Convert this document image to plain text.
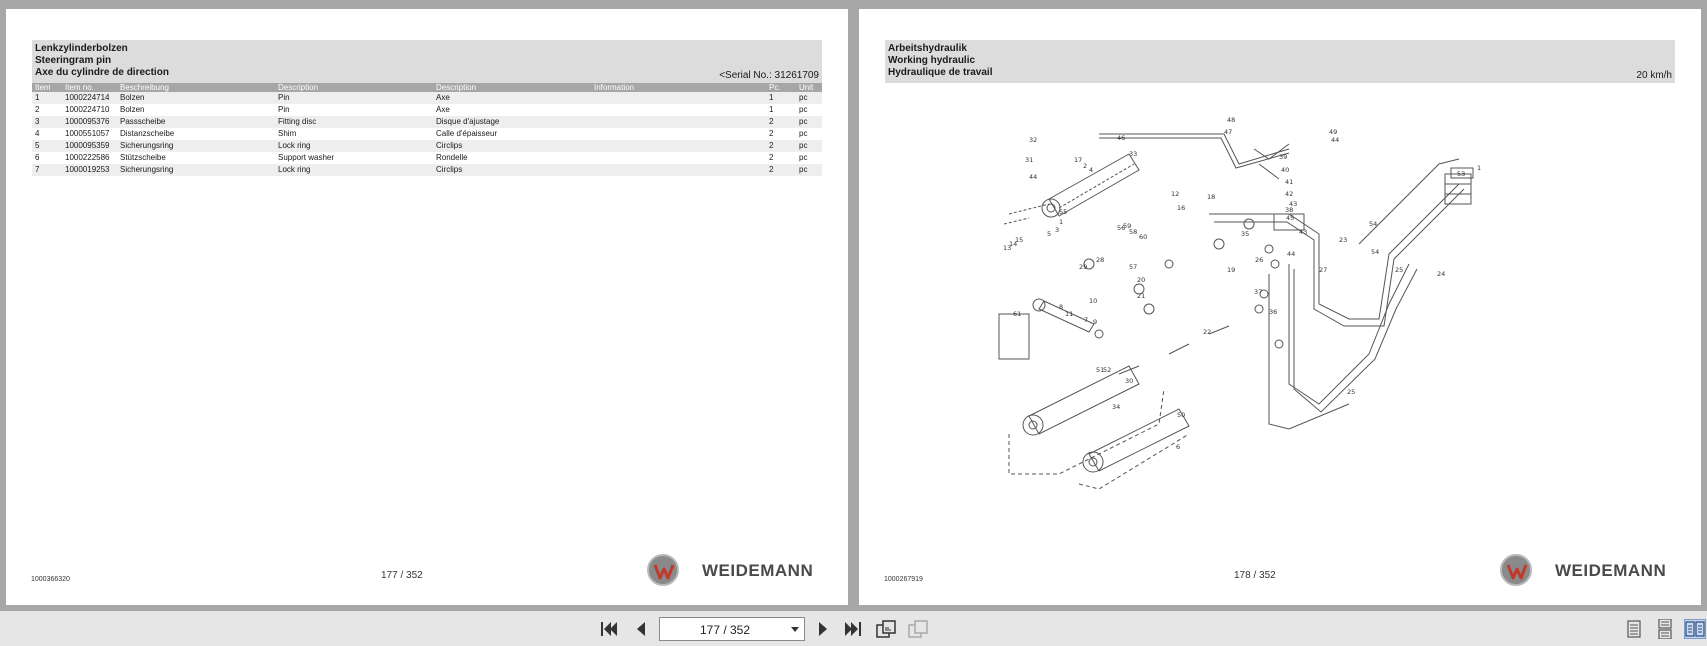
Lenkzylinderbolzen
Steeringram pin
Axe du cylindre de direction	<Serial No.: 31261709
Item	Item no.	Beschreibung	Description	Description	Information	Pc.	Unit
1	1000224714	Bolzen	Pin	Axe		1	pc
2	1000224710	Bolzen	Pin	Axe		1	pc
3	1000095376	Passscheibe	Fitting disc	Disque d'ajustage		2	pc
4	1000551057	Distanzscheibe	Shim	Calle d'épaisseur		2	pc
5	1000095359	Sicherungsring	Lock ring	Circlips		2	pc
6	1000222586	Stützscheibe	Support washer	Rondelle		2	pc
7	1000019253	Sicherungsring	Lock ring	Circlips		2	pc
1000366320	177 / 352	WEIDEMANN
Arbeitshydraulik
Working hydraulic
Hydraulique de travail	20 km/h
32
31
44
17
2 4
46
33
55
1
3
5
15
14
13
12
16
18
48
47	49
44
39
40
41
42
43
38
45
53
1
54
54
25	24
23
35
26
27
43
44
29
28
57
58
56
59
60
10
8
11
7 9
20
21
19
22
37
36
61
51
52
6
50
30
34
25
1000267919	178 / 352	WEIDEMANN
177 / 352
